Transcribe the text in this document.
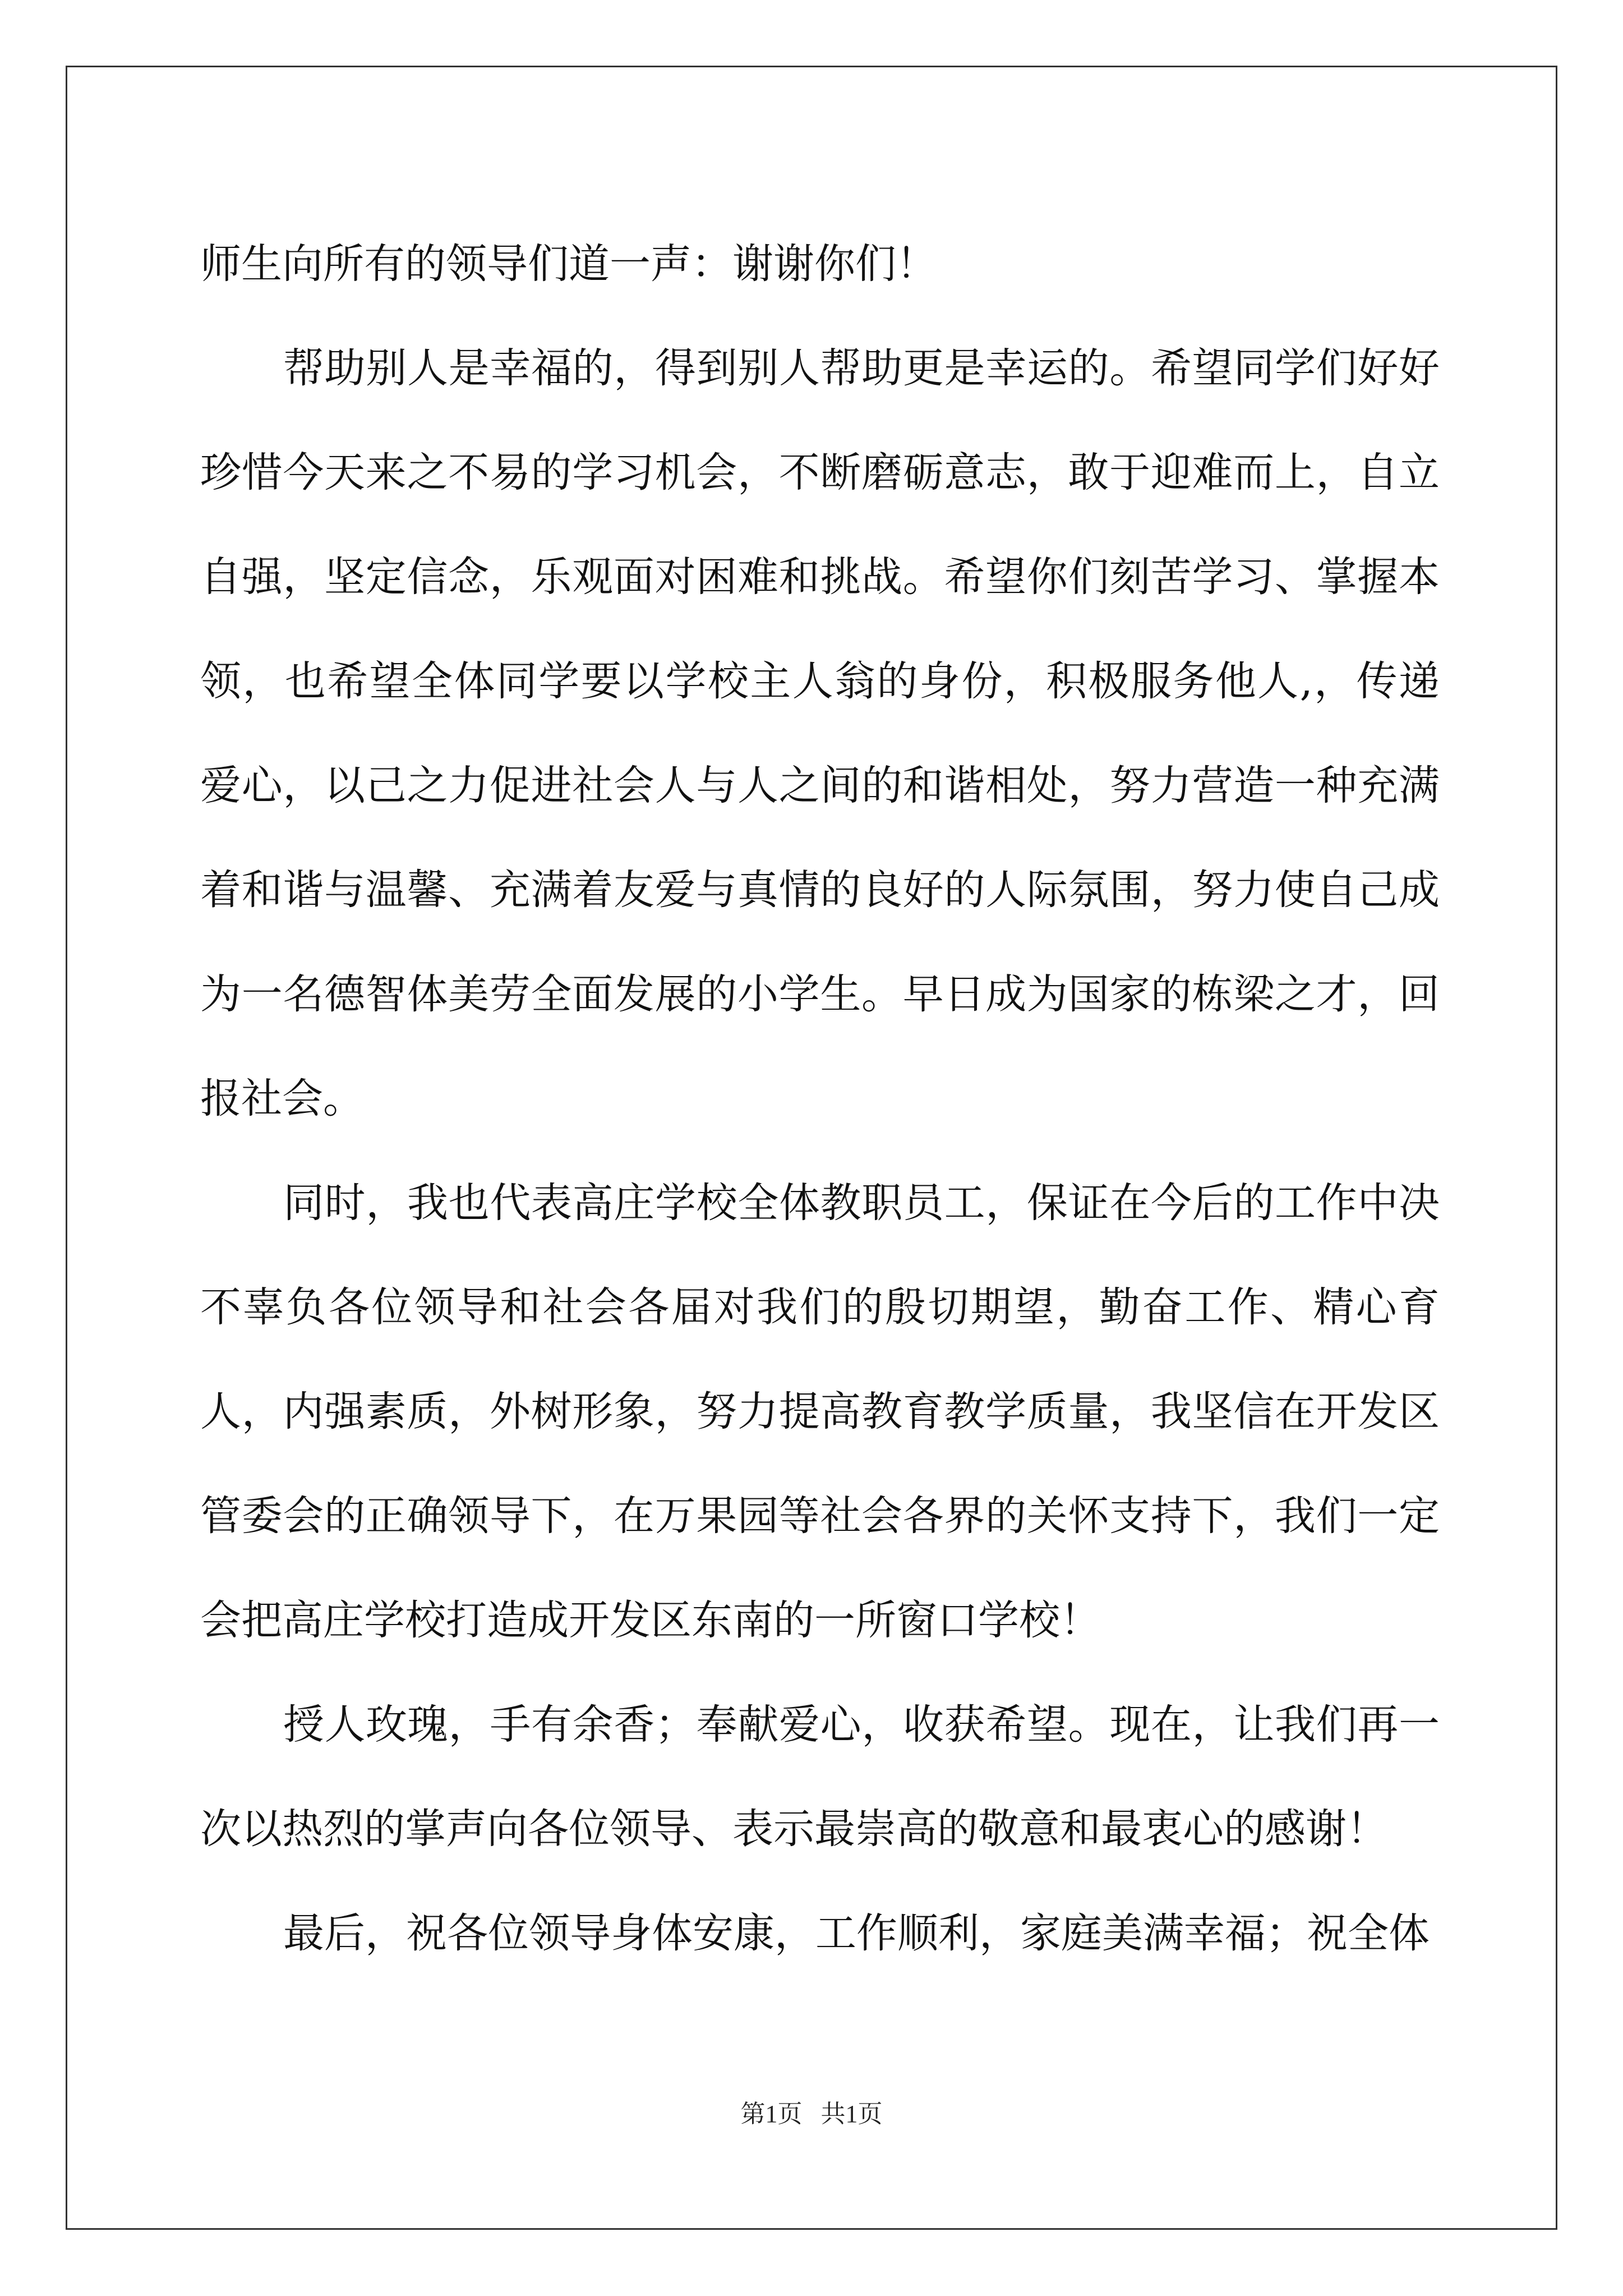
师生向所有的领导们道一声：谢谢你们！

帮助别人是幸福的，得到别人帮助更是幸运的。希望同学们好好珍惜今天来之不易的学习机会，不断磨砺意志，敢于迎难而上，自立自强，坚定信念，乐观面对困难和挑战。希望你们刻苦学习、掌握本领，也希望全体同学要以学校主人翁的身份，积极服务他人,，传递爱心，以己之力促进社会人与人之间的和谐相处，努力营造一种充满着和谐与温馨、充满着友爱与真情的良好的人际氛围，努力使自己成为一名德智体美劳全面发展的小学生。早日成为国家的栋梁之才，回报社会。

同时，我也代表高庄学校全体教职员工，保证在今后的工作中决不辜负各位领导和社会各届对我们的殷切期望，勤奋工作、精心育人，内强素质，外树形象，努力提高教育教学质量，我坚信在开发区管委会的正确领导下，在万果园等社会各界的关怀支持下，我们一定会把高庄学校打造成开发区东南的一所窗口学校！

授人玫瑰，手有余香；奉献爱心，收获希望。现在，让我们再一次以热烈的掌声向各位领导、表示最崇高的敬意和最衷心的感谢！

最后，祝各位领导身体安康，工作顺利，家庭美满幸福；祝全体

第1页   共1页
